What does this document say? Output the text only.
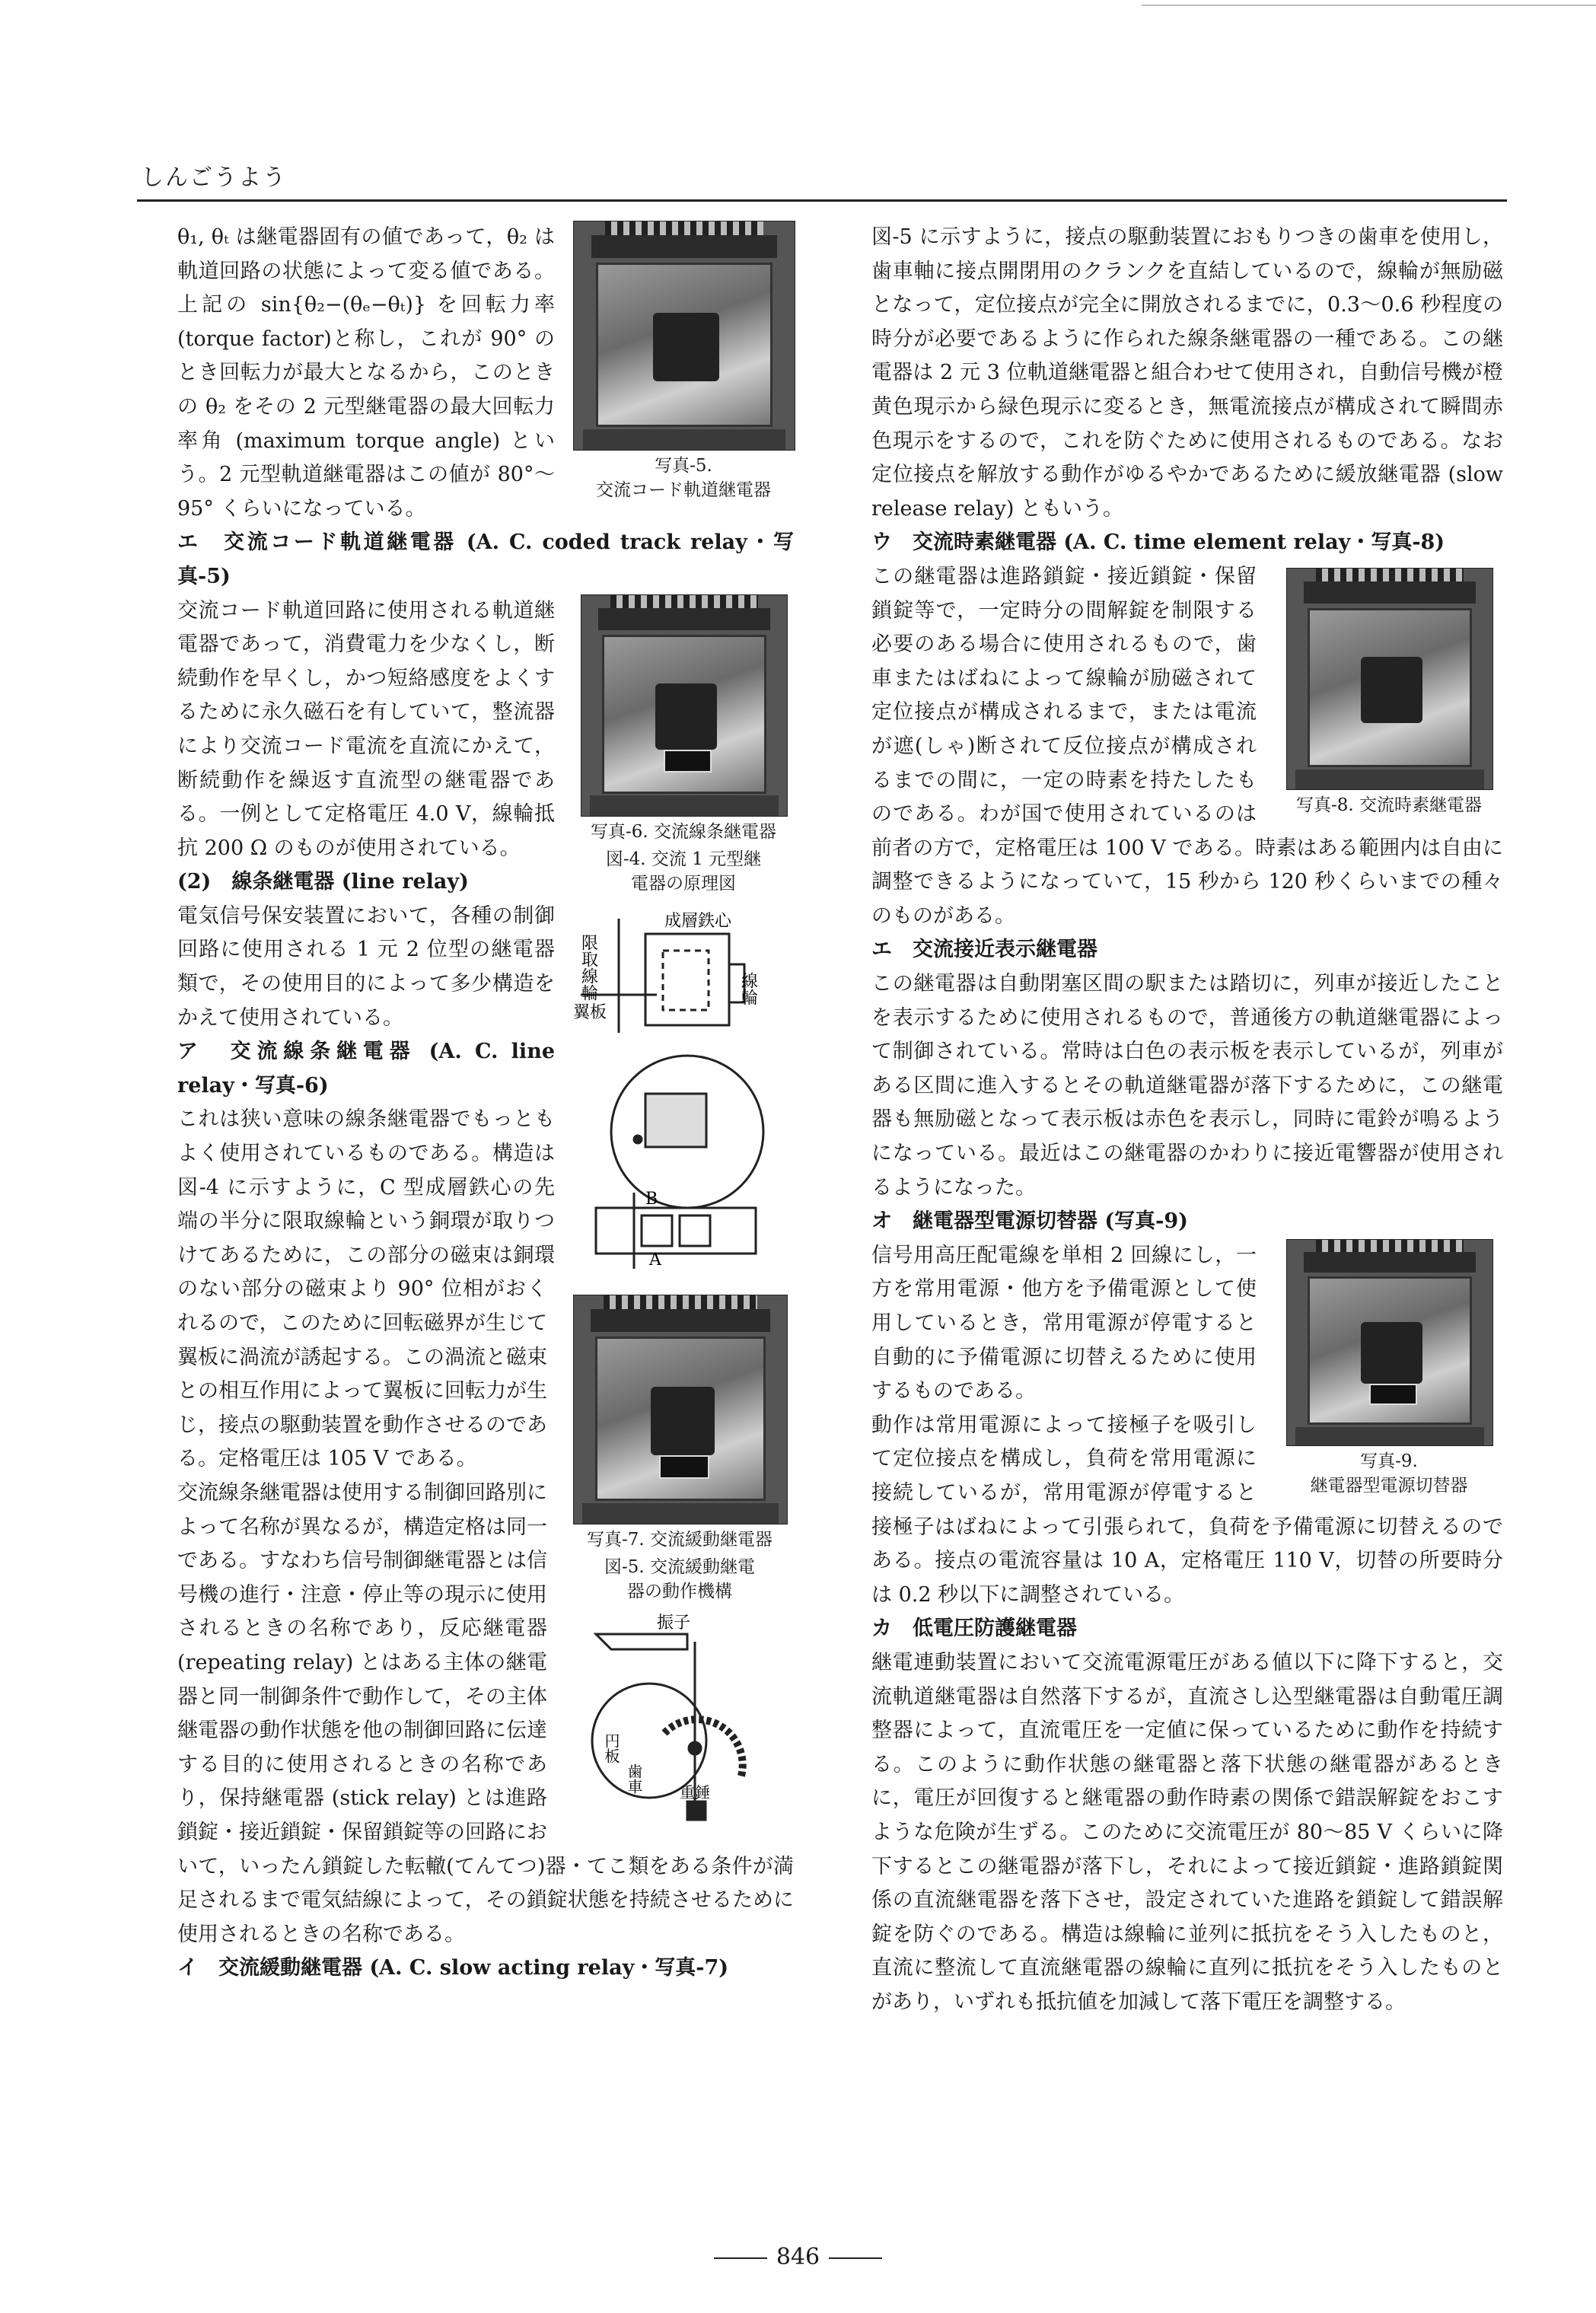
しんごうよう
写真-5.
交流コード軌道継電器

θ₁, θₜ は継電器固有の値であって，θ₂ は軌道回路の状態によって変る値である。上記の sin{θ₂−(θₑ−θₜ)} を回転力率(torque factor)と称し，これが 90° のとき回転力が最大となるから，このときの θ₂ をその 2 元型継電器の最大回転力率角 (maximum torque angle) という。2 元型軌道継電器はこの値が 80°〜95° くらいになっている。

エ　交流コード軌道継電器 (A. C. coded track relay・写真-5)

写真-6. 交流線条継電器
図-4. 交流 1 元型継
電器の原理図
限取線輪
成層鉄心
線輪
翼板
B
A

交流コード軌道回路に使用される軌道継電器であって，消費電力を少なくし，断続動作を早くし，かつ短絡感度をよくするために永久磁石を有していて，整流器により交流コード電流を直流にかえて，断続動作を繰返す直流型の継電器である。一例として定格電圧 4.0 V，線輪抵抗 200 Ω のものが使用されている。

(2)　線条継電器 (line relay)

電気信号保安装置において，各種の制御回路に使用される 1 元 2 位型の継電器類で，その使用目的によって多少構造をかえて使用されている。

ア　交流線条継電器 (A. C. line relay・写真-6)

写真-7. 交流緩動継電器
図-5. 交流緩動継電
器の動作機構
振子
円板
歯車 重錘

これは狭い意味の線条継電器でもっともよく使用されているものである。構造は図-4 に示すように，C 型成層鉄心の先端の半分に限取線輪という銅環が取りつけてあるために，この部分の磁束は銅環のない部分の磁束より 90° 位相がおくれるので，このために回転磁界が生じて翼板に渦流が誘起する。この渦流と磁束との相互作用によって翼板に回転力が生じ，接点の駆動装置を動作させるのである。定格電圧は 105 V である。

交流線条継電器は使用する制御回路別によって名称が異なるが，構造定格は同一である。すなわち信号制御継電器とは信号機の進行・注意・停止等の現示に使用されるときの名称であり，反応継電器 (repeating relay) とはある主体の継電器と同一制御条件で動作して，その主体継電器の動作状態を他の制御回路に伝達する目的に使用されるときの名称であり，保持継電器 (stick relay) とは進路鎖錠・接近鎖錠・保留鎖錠等の回路において，いったん鎖錠した転轍(てんてつ)器・てこ類をある条件が満足されるまで電気結線によって，その鎖錠状態を持続させるために使用されるときの名称である。

イ　交流緩動継電器 (A. C. slow acting relay・写真-7)

図-5 に示すように，接点の駆動装置におもりつきの歯車を使用し，歯車軸に接点開閉用のクランクを直結しているので，線輪が無励磁となって，定位接点が完全に開放されるまでに，0.3〜0.6 秒程度の時分が必要であるように作られた線条継電器の一種である。この継電器は 2 元 3 位軌道継電器と組合わせて使用され，自動信号機が橙黄色現示から緑色現示に変るとき，無電流接点が構成されて瞬間赤色現示をするので，これを防ぐために使用されるものである。なお定位接点を解放する動作がゆるやかであるために緩放継電器 (slow release relay) ともいう。

ウ　交流時素継電器 (A. C. time element relay・写真-8)

写真-8. 交流時素継電器

この継電器は進路鎖錠・接近鎖錠・保留鎖錠等で，一定時分の間解錠を制限する必要のある場合に使用されるもので，歯車またはばねによって線輪が励磁されて定位接点が構成されるまで，または電流が遮(しゃ)断されて反位接点が構成されるまでの間に，一定の時素を持たしたものである。わが国で使用されているのは前者の方で，定格電圧は 100 V である。時素はある範囲内は自由に調整できるようになっていて，15 秒から 120 秒くらいまでの種々のものがある。

エ　交流接近表示継電器

この継電器は自動閉塞区間の駅または踏切に，列車が接近したことを表示するために使用されるもので，普通後方の軌道継電器によって制御されている。常時は白色の表示板を表示しているが，列車がある区間に進入するとその軌道継電器が落下するために，この継電器も無励磁となって表示板は赤色を表示し，同時に電鈴が鳴るようになっている。最近はこの継電器のかわりに接近電響器が使用されるようになった。

オ　継電器型電源切替器 (写真-9)

写真-9.
継電器型電源切替器

信号用高圧配電線を単相 2 回線にし，一方を常用電源・他方を予備電源として使用しているとき，常用電源が停電すると自動的に予備電源に切替えるために使用するものである。

動作は常用電源によって接極子を吸引して定位接点を構成し，負荷を常用電源に接続しているが，常用電源が停電すると接極子はばねによって引張られて，負荷を予備電源に切替えるのである。接点の電流容量は 10 A，定格電圧 110 V，切替の所要時分は 0.2 秒以下に調整されている。

カ　低電圧防護継電器

継電連動装置において交流電源電圧がある値以下に降下すると，交流軌道継電器は自然落下するが，直流さし込型継電器は自動電圧調整器によって，直流電圧を一定値に保っているために動作を持続する。このように動作状態の継電器と落下状態の継電器があるときに，電圧が回復すると継電器の動作時素の関係で錯誤解錠をおこすような危険が生ずる。このために交流電圧が 80〜85 V くらいに降下するとこの継電器が落下し，それによって接近鎖錠・進路鎖錠関係の直流継電器を落下させ，設定されていた進路を鎖錠して錯誤解錠を防ぐのである。構造は線輪に並列に抵抗をそう入したものと，直流に整流して直流継電器の線輪に直列に抵抗をそう入したものとがあり，いずれも抵抗値を加減して落下電圧を調整する。

846
